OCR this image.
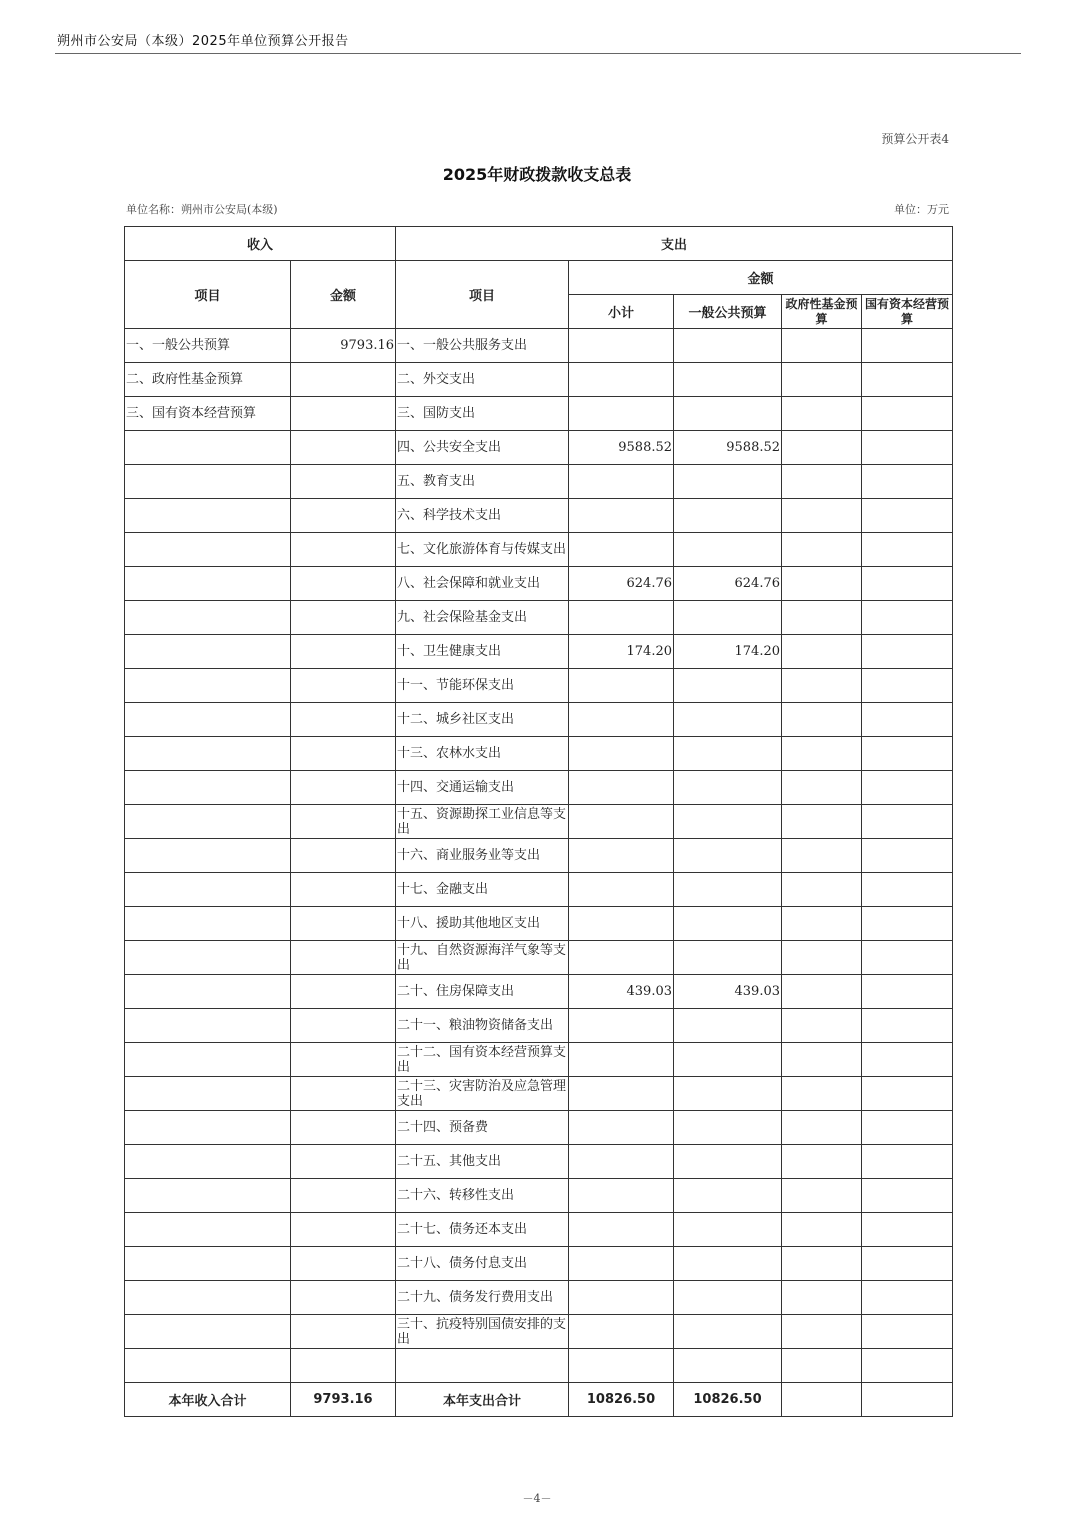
朔州市公安局（本级）2025年单位预算公开报告
预算公开表4
2025年财政拨款收支总表
单位名称：朔州市公安局(本级)	单位：万元
收入		支出				
项目	金额	项目	金额			
			小计	一般公共预算	政府性基金预算	国有资本经营预算
一、一般公共预算	9793.16	一、一般公共服务支出				
二、政府性基金预算		二、外交支出				
三、国有资本经营预算		三、国防支出				
		四、公共安全支出	9588.52	9588.52		
		五、教育支出				
		六、科学技术支出				
		七、文化旅游体育与传媒支出				
		八、社会保障和就业支出	624.76	624.76		
		九、社会保险基金支出				
		十、卫生健康支出	174.20	174.20		
		十一、节能环保支出				
		十二、城乡社区支出				
		十三、农林水支出				
		十四、交通运输支出				
		十五、资源勘探工业信息等支出				
		十六、商业服务业等支出				
		十七、金融支出				
		十八、援助其他地区支出				
		十九、自然资源海洋气象等支出				
		二十、住房保障支出	439.03	439.03		
		二十一、粮油物资储备支出				
		二十二、国有资本经营预算支出				
		二十三、灾害防治及应急管理支出				
		二十四、预备费				
		二十五、其他支出				
		二十六、转移性支出				
		二十七、债务还本支出				
		二十八、债务付息支出				
		二十九、债务发行费用支出				
		三十、抗疫特别国债安排的支出				

本年收入合计	9793.16	本年支出合计	10826.50	10826.50		
－4－
